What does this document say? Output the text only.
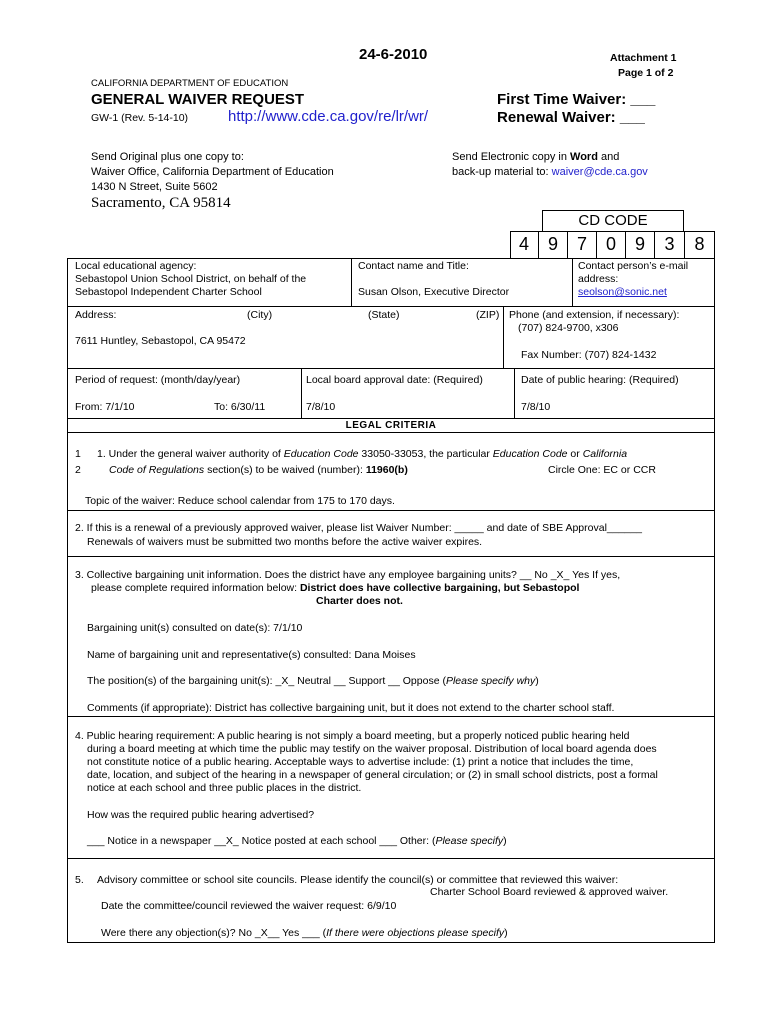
24-6-2010	Attachment 1
Page 1 of 2
CALIFORNIA DEPARTMENT OF EDUCATION
GENERAL WAIVER REQUEST
GW-1 (Rev. 5-14-10)	http://www.cde.ca.gov/re/lr/wr/
First Time Waiver: ___
Renewal Waiver: ___
Send Original plus one copy to:
Waiver Office, California Department of Education
1430 N Street, Suite 5602
Sacramento, CA 95814
Send Electronic copy in Word and
back-up material to: waiver@cde.ca.gov
CD CODE
4	9	7	0	9	3	8
Local educational agency:
Sebastopol Union School District, on behalf of the
Sebastopol Independent Charter School
Contact name and Title:
Susan Olson, Executive Director
Contact person’s e-mail
address:
seolson@sonic.net
Address:	(City)	(State)	(ZIP)
7611 Huntley, Sebastopol, CA 95472
Phone (and extension, if necessary):
(707) 824-9700, x306
Fax Number: (707) 824-1432
Period of request: (month/day/year)
From: 7/1/10	To: 6/30/11
Local board approval date: (Required)
7/8/10
Date of public hearing: (Required)
7/8/10
LEGAL CRITERIA
1
2
1. Under the general waiver authority of Education Code 33050-33053, the particular Education Code or California
Code of Regulations section(s) to be waived (number): 11960(b)	Circle One: EC or CCR
Topic of the waiver: Reduce school calendar from 175 to 170 days.
2. If this is a renewal of a previously approved waiver, please list Waiver Number: _____ and date of SBE Approval______
Renewals of waivers must be submitted two months before the active waiver expires.
3. Collective bargaining unit information. Does the district have any employee bargaining units? __ No _X_ Yes If yes,
please complete required information below: District does have collective bargaining, but Sebastopol
Charter does not.
Bargaining unit(s) consulted on date(s): 7/1/10
Name of bargaining unit and representative(s) consulted: Dana Moises
The position(s) of the bargaining unit(s): _X_ Neutral __ Support __ Oppose (Please specify why)
Comments (if appropriate): District has collective bargaining unit, but it does not extend to the charter school staff.
4. Public hearing requirement: A public hearing is not simply a board meeting, but a properly noticed public hearing held
during a board meeting at which time the public may testify on the waiver proposal. Distribution of local board agenda does
not constitute notice of a public hearing. Acceptable ways to advertise include: (1) print a notice that includes the time,
date, location, and subject of the hearing in a newspaper of general circulation; or (2) in small school districts, post a formal
notice at each school and three public places in the district.
How was the required public hearing advertised?
___ Notice in a newspaper __X_ Notice posted at each school ___ Other: (Please specify)
5. Advisory committee or school site councils. Please identify the council(s) or committee that reviewed this waiver:
Charter School Board reviewed & approved waiver.
Date the committee/council reviewed the waiver request: 6/9/10
Were there any objection(s)? No _X__ Yes ___ (If there were objections please specify)
